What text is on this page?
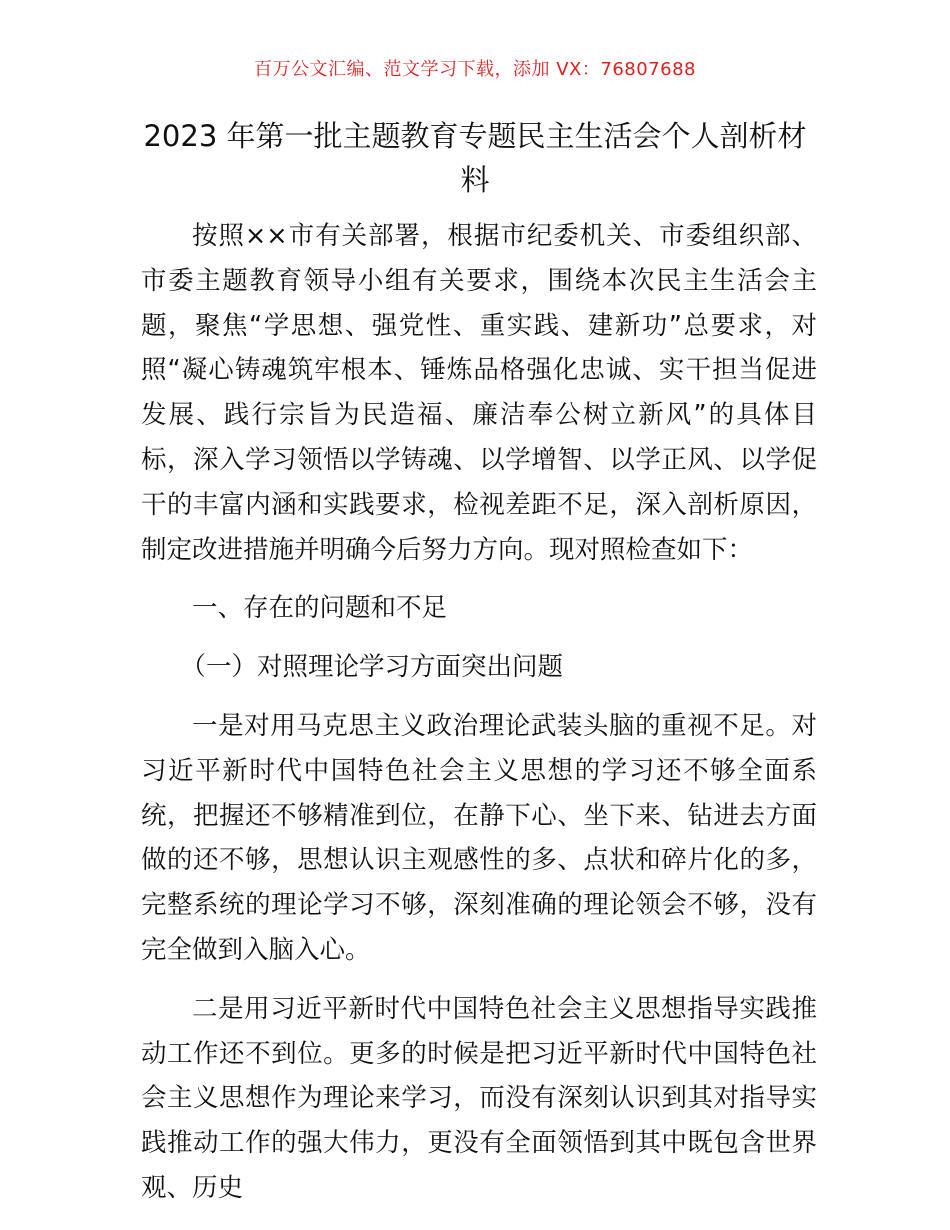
百万公文汇编、范文学习下载，添加 VX：76807688
2023 年第一批主题教育专题民主生活会个人剖析材料

按照××市有关部署，根据市纪委机关、市委组织部、市委主题教育领导小组有关要求，围绕本次民主生活会主题，聚焦“学思想、强党性、重实践、建新功”总要求，对照“凝心铸魂筑牢根本、锤炼品格强化忠诚、实干担当促进发展、践行宗旨为民造福、廉洁奉公树立新风”的具体目标，深入学习领悟以学铸魂、以学增智、以学正风、以学促干的丰富内涵和实践要求，检视差距不足，深入剖析原因，制定改进措施并明确今后努力方向。现对照检查如下：

一、存在的问题和不足

（一）对照理论学习方面突出问题

一是对用马克思主义政治理论武装头脑的重视不足。对习近平新时代中国特色社会主义思想的学习还不够全面系统，把握还不够精准到位，在静下心、坐下来、钻进去方面做的还不够，思想认识主观感性的多、点状和碎片化的多，完整系统的理论学习不够，深刻准确的理论领会不够，没有完全做到入脑入心。

二是用习近平新时代中国特色社会主义思想指导实践推动工作还不到位。更多的时候是把习近平新时代中国特色社会主义思想作为理论来学习，而没有深刻认识到其对指导实践推动工作的强大伟力，更没有全面领悟到其中既包含世界观、历史
